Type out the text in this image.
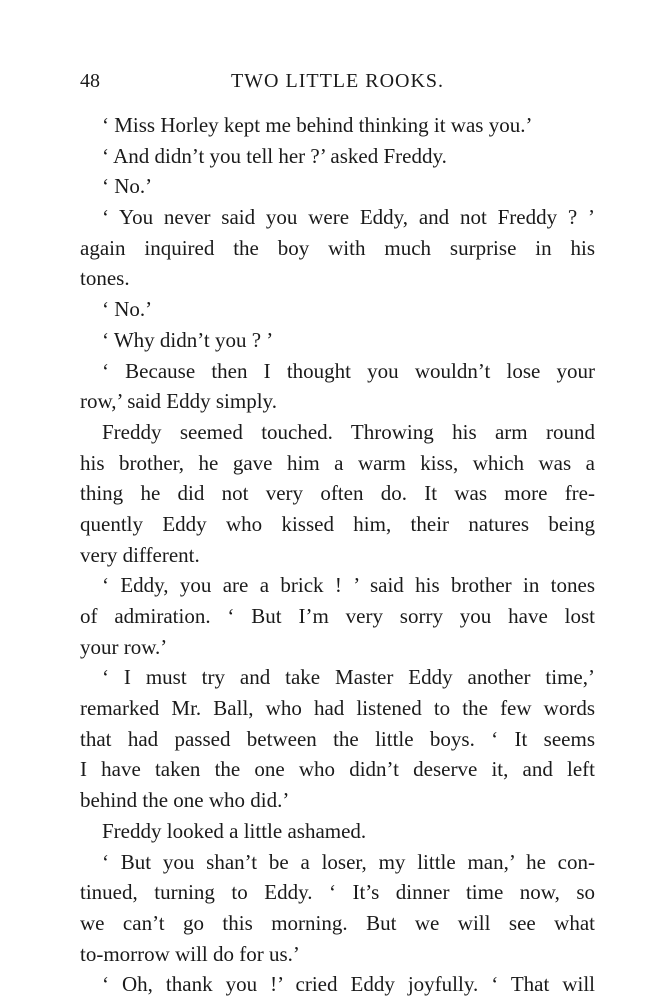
48	TWO LITTLE ROOKS.
‘ Miss Horley kept me behind thinking it was you.’
‘ And didn’t you tell her ?’ asked Freddy.
‘ No.’
‘ You never said you were Eddy, and not Freddy ? ’
again inquired the boy with much surprise in his
tones.
‘ No.’
‘ Why didn’t you ? ’
‘ Because then I thought you wouldn’t lose your
row,’ said Eddy simply.
Freddy seemed touched. Throwing his arm round
his brother, he gave him a warm kiss, which was a
thing he did not very often do. It was more fre-
quently Eddy who kissed him, their natures being
very different.
‘ Eddy, you are a brick ! ’ said his brother in tones
of admiration. ‘ But I’m very sorry you have lost
your row.’
‘ I must try and take Master Eddy another time,’
remarked Mr. Ball, who had listened to the few words
that had passed between the little boys. ‘ It seems
I have taken the one who didn’t deserve it, and left
behind the one who did.’
Freddy looked a little ashamed.
‘ But you shan’t be a loser, my little man,’ he con-
tinued, turning to Eddy. ‘ It’s dinner time now, so
we can’t go this morning. But we will see what
to-morrow will do for us.’
‘ Oh, thank you !’ cried Eddy joyfully. ‘ That will
